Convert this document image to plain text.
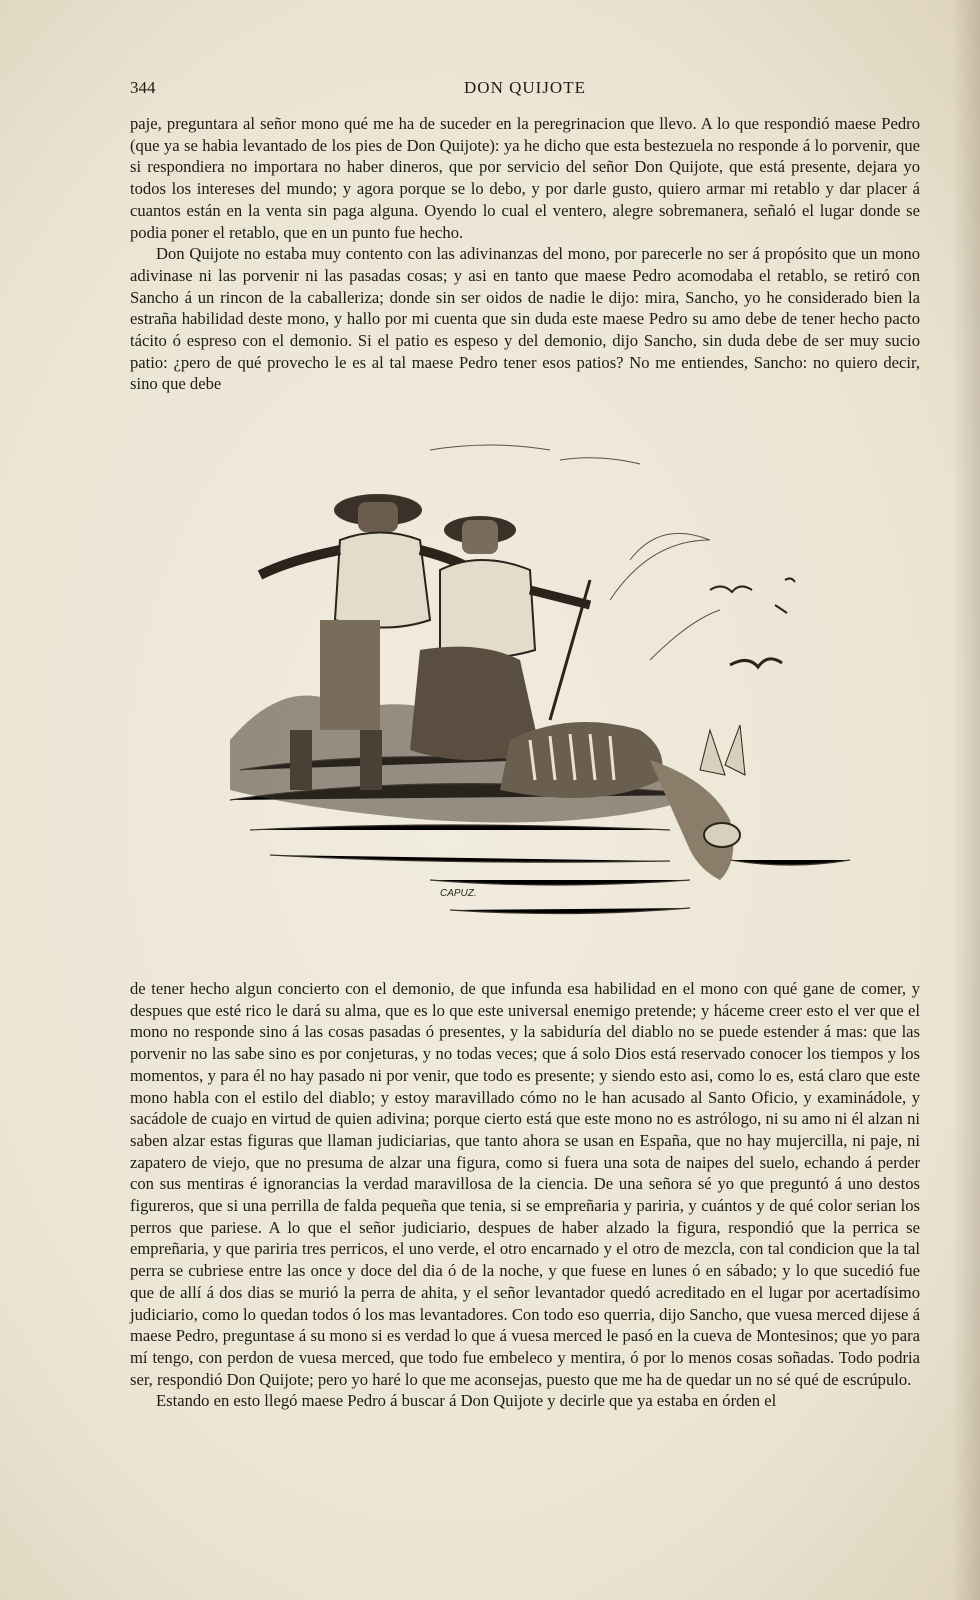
344	DON QUIJOTE

paje, preguntara al señor mono qué me ha de suceder en la peregrinacion que llevo. A lo que respondió maese Pedro (que ya se habia levantado de los pies de Don Quijote): ya he dicho que esta bestezuela no responde á lo porvenir, que si respondiera no importara no haber dineros, que por servicio del señor Don Quijote, que está presente, dejara yo todos los intereses del mundo; y agora porque se lo debo, y por darle gusto, quiero armar mi retablo y dar placer á cuantos están en la venta sin paga alguna. Oyendo lo cual el ventero, alegre sobremanera, señaló el lugar donde se podia poner el retablo, que en un punto fue hecho.

Don Quijote no estaba muy contento con las adivinanzas del mono, por parecerle no ser á propósito que un mono adivinase ni las porvenir ni las pasadas cosas; y asi en tanto que maese Pedro acomodaba el retablo, se retiró con Sancho á un rincon de la caballeriza; donde sin ser oidos de nadie le dijo: mira, Sancho, yo he considerado bien la estraña habilidad deste mono, y hallo por mi cuenta que sin duda este maese Pedro su amo debe de tener hecho pacto tácito ó espreso con el demonio. Si el patio es espeso y del demonio, dijo Sancho, sin duda debe de ser muy sucio patio: ¿pero de qué provecho le es al tal maese Pedro tener esos patios? No me entiendes, Sancho: no quiero decir, sino que debe

CAPUZ.

de tener hecho algun concierto con el demonio, de que infunda esa habilidad en el mono con qué gane de comer, y despues que esté rico le dará su alma, que es lo que este universal enemigo pretende; y háceme creer esto el ver que el mono no responde sino á las cosas pasadas ó presentes, y la sabiduría del diablo no se puede estender á mas: que las porvenir no las sabe sino es por conjeturas, y no todas veces; que á solo Dios está reservado conocer los tiempos y los momentos, y para él no hay pasado ni por venir, que todo es presente; y siendo esto asi, como lo es, está claro que este mono habla con el estilo del diablo; y estoy maravillado cómo no le han acusado al Santo Oficio, y examinádole, y sacádole de cuajo en virtud de quien adivina; porque cierto está que este mono no es astrólogo, ni su amo ni él alzan ni saben alzar estas figuras que llaman judiciarias, que tanto ahora se usan en España, que no hay mujercilla, ni paje, ni zapatero de viejo, que no presuma de alzar una figura, como si fuera una sota de naipes del suelo, echando á perder con sus mentiras é ignorancias la verdad maravillosa de la ciencia. De una señora sé yo que preguntó á uno destos figureros, que si una perrilla de falda pequeña que tenia, si se empreñaria y pariria, y cuántos y de qué color serian los perros que pariese. A lo que el señor judiciario, despues de haber alzado la figura, respondió que la perrica se empreñaria, y que pariria tres perricos, el uno verde, el otro encarnado y el otro de mezcla, con tal condicion que la tal perra se cubriese entre las once y doce del dia ó de la noche, y que fuese en lunes ó en sábado; y lo que sucedió fue que de allí á dos dias se murió la perra de ahita, y el señor levantador quedó acreditado en el lugar por acertadísimo judiciario, como lo quedan todos ó los mas levantadores. Con todo eso querria, dijo Sancho, que vuesa merced dijese á maese Pedro, preguntase á su mono si es verdad lo que á vuesa merced le pasó en la cueva de Montesinos; que yo para mí tengo, con perdon de vuesa merced, que todo fue embeleco y mentira, ó por lo menos cosas soñadas. Todo podria ser, respondió Don Quijote; pero yo haré lo que me aconsejas, puesto que me ha de quedar un no sé qué de escrúpulo.

Estando en esto llegó maese Pedro á buscar á Don Quijote y decirle que ya estaba en órden el
